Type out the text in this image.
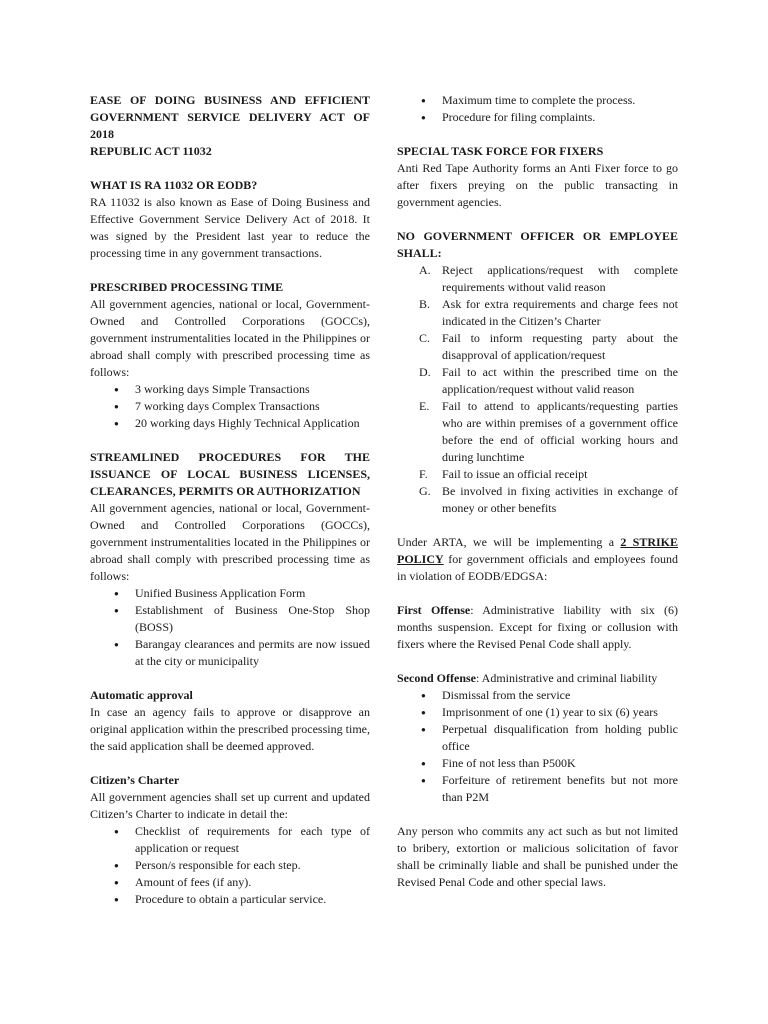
EASE OF DOING BUSINESS AND EFFICIENT GOVERNMENT SERVICE DELIVERY ACT OF 2018
REPUBLIC ACT 11032
WHAT IS RA 11032 OR EODB?

RA 11032 is also known as Ease of Doing Business and Effective Government Service Delivery Act of 2018. It was signed by the President last year to reduce the processing time in any government transactions.

PRESCRIBED PROCESSING TIME

All government agencies, national or local, Government-Owned and Controlled Corporations (GOCCs), government instrumentalities located in the Philippines or abroad shall comply with prescribed processing time as follows:

● 3 working days Simple Transactions
● 7 working days Complex Transactions
● 20 working days Highly Technical Application
STREAMLINED PROCEDURES FOR THE ISSUANCE OF LOCAL BUSINESS LICENSES, CLEARANCES, PERMITS OR AUTHORIZATION

All government agencies, national or local, Government-Owned and Controlled Corporations (GOCCs), government instrumentalities located in the Philippines or abroad shall comply with prescribed processing time as follows:

● Unified Business Application Form
● Establishment of Business One-Stop Shop (BOSS)
● Barangay clearances and permits are now issued at the city or municipality
Automatic approval

In case an agency fails to approve or disapprove an original application within the prescribed processing time, the said application shall be deemed approved.

Citizen’s Charter

All government agencies shall set up current and updated Citizen’s Charter to indicate in detail the:

● Checklist of requirements for each type of application or request
● Person/s responsible for each step.
● Amount of fees (if any).
● Procedure to obtain a particular service.
● Maximum time to complete the process.
● Procedure for filing complaints.
SPECIAL TASK FORCE FOR FIXERS

Anti Red Tape Authority forms an Anti Fixer force to go after fixers preying on the public transacting in government agencies.

NO GOVERNMENT OFFICER OR EMPLOYEE SHALL:
A. Reject applications/request with complete requirements without valid reason
B. Ask for extra requirements and charge fees not indicated in the Citizen’s Charter
C. Fail to inform requesting party about the disapproval of application/request
D. Fail to act within the prescribed time on the application/request without valid reason
E. Fail to attend to applicants/requesting parties who are within premises of a government office before the end of official working hours and during lunchtime
F. Fail to issue an official receipt
G. Be involved in fixing activities in exchange of money or other benefits

Under ARTA, we will be implementing a 2 STRIKE POLICY for government officials and employees found in violation of EODB/EDGSA:

First Offense: Administrative liability with six (6) months suspension. Except for fixing or collusion with fixers where the Revised Penal Code shall apply.

Second Offense: Administrative and criminal liability

● Dismissal from the service
● Imprisonment of one (1) year to six (6) years
● Perpetual disqualification from holding public office
● Fine of not less than P500K
● Forfeiture of retirement benefits but not more than P2M

Any person who commits any act such as but not limited to bribery, extortion or malicious solicitation of favor shall be criminally liable and shall be punished under the Revised Penal Code and other special laws.
